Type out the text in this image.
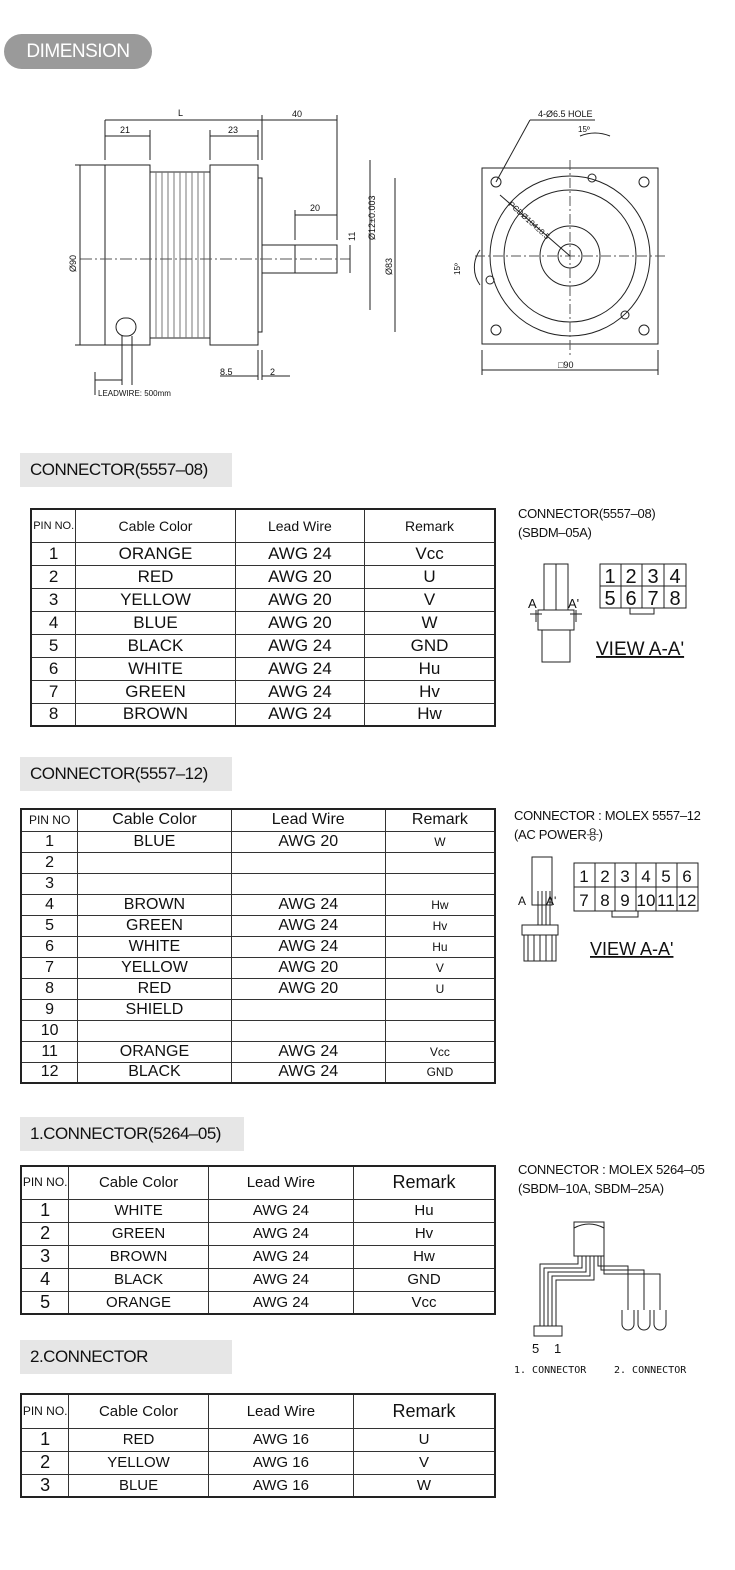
DIMENSION
L
21	23
40
20
11 Ø12±0.003
Ø83
Ø90
8.5	2
LEADWIRE: 500mm
4-Ø6.5 HOLE
15º
PCDØ104±0.5
15º
□90
CONNECTOR(5557–08)
PIN NO.	Cable Color	Lead Wire	Remark
1	ORANGE	AWG 24	Vcc
2	RED	AWG 20	U
3	YELLOW	AWG 20	V
4	BLUE	AWG 20	W
5	BLACK	AWG 24	GND
6	WHITE	AWG 24	Hu
7	GREEN	AWG 24	Hv
8	BROWN	AWG 24	Hw
CONNECTOR(5557–08)
(SBDM–05A)
1 2 3 4
5 6 7 8
A A'
VIEW A-A'
CONNECTOR(5557–12)
PIN NO	Cable Color	Lead Wire	Remark
1	BLUE	AWG 20	W
2			
3			
4	BROWN	AWG 24	Hw
5	GREEN	AWG 24	Hv
6	WHITE	AWG 24	Hu
7	YELLOW	AWG 20	V
8	RED	AWG 20	U
9	SHIELD		
10			
11	ORANGE	AWG 24	Vcc
12	BLACK	AWG 24	GND
CONNECTOR : MOLEX 5557–12
(AC POWER용)
1 2 3 4 5 6
7 8 9 10 11 12
A A'
VIEW A-A'
1.CONNECTOR(5264–05)
PIN NO.	Cable Color	Lead Wire	Remark
1	WHITE	AWG 24	Hu
2	GREEN	AWG 24	Hv
3	BROWN	AWG 24	Hw
4	BLACK	AWG 24	GND
5	ORANGE	AWG 24	Vcc
CONNECTOR : MOLEX 5264–05
(SBDM–10A, SBDM–25A)
5 1
1. CONNECTOR	2. CONNECTOR
2.CONNECTOR
PIN NO.	Cable Color	Lead Wire	Remark
1	RED	AWG 16	U
2	YELLOW	AWG 16	V
3	BLUE	AWG 16	W
